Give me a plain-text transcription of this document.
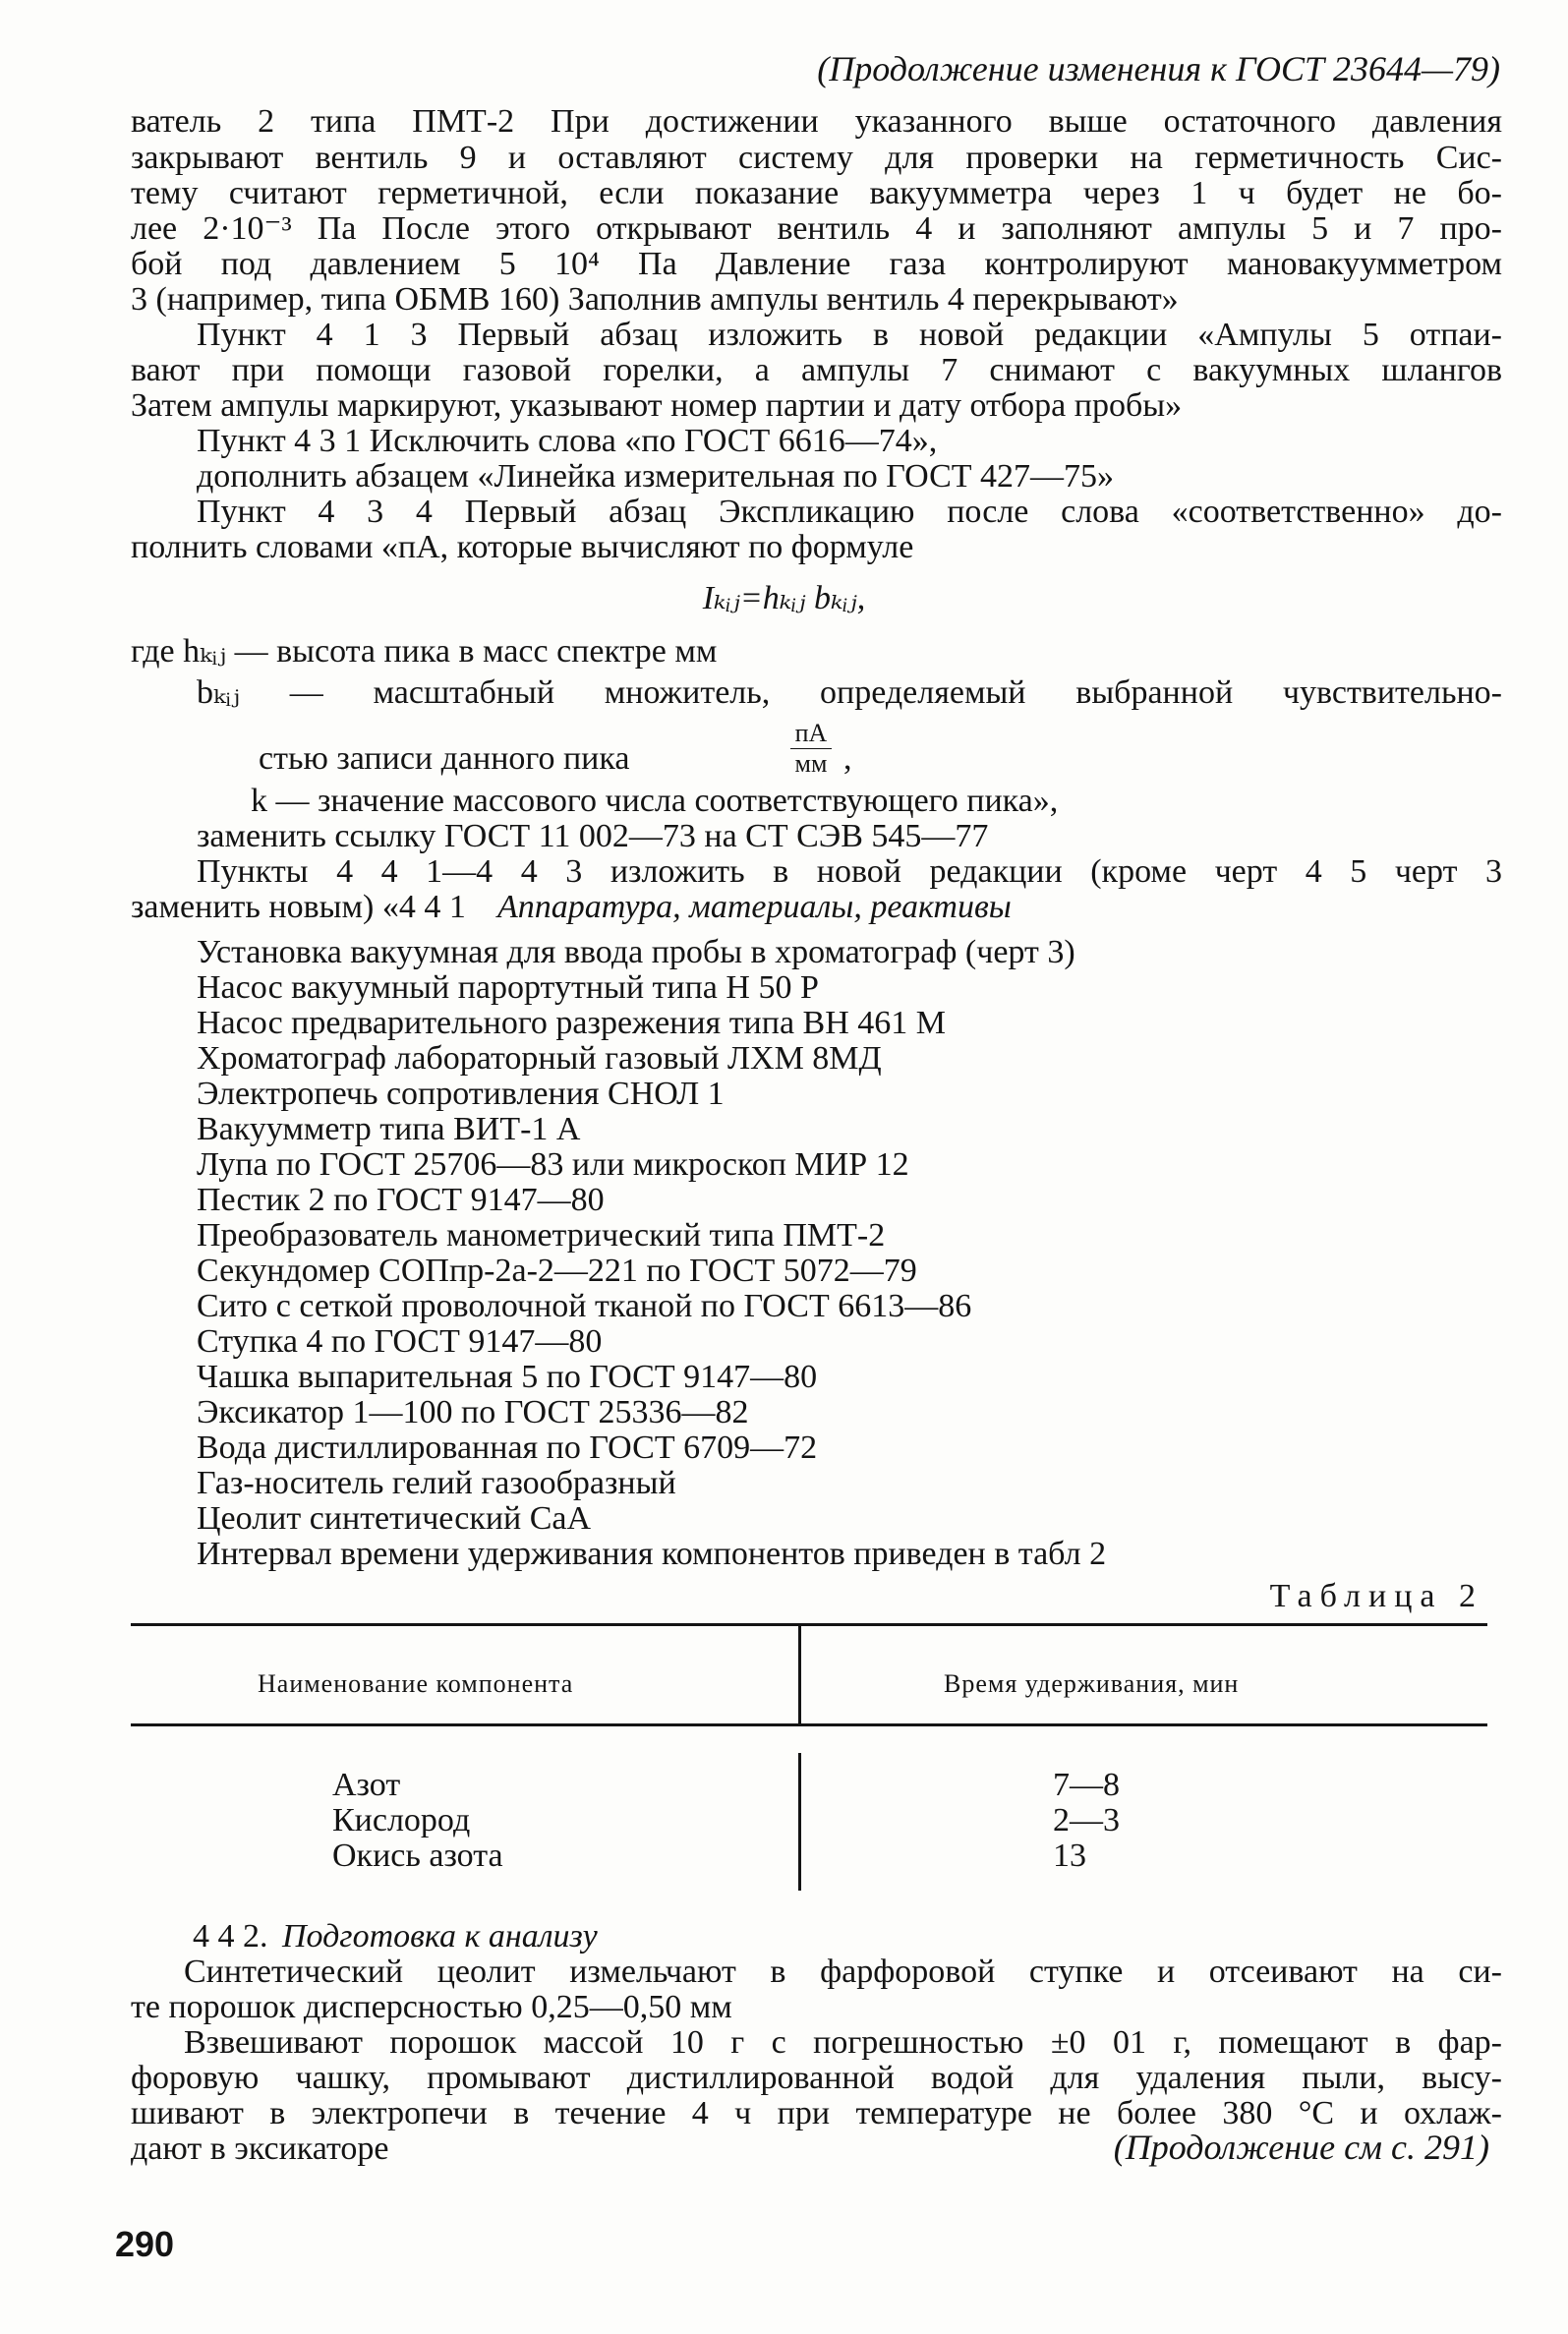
(Продолжение изменения к ГОСТ 23644—79)
ватель 2 типа ПМТ-2 При достижении указанного выше остаточного давления
закрывают вентиль 9 и оставляют систему для проверки на герметичность Сис-
тему считают герметичной, если показание вакуумметра через 1 ч будет не бо-
лее 2·10⁻³ Па После этого открывают вентиль 4 и заполняют ампулы 5 и 7 про-
бой под давлением 5 10⁴ Па Давление газа контролируют мановакуумметром
3 (например, типа ОБМВ 160) Заполнив ампулы вентиль 4 перекрывают»
Пункт 4 1 3 Первый абзац изложить в новой редакции «Ампулы 5 отпаи-
вают при помощи газовой горелки, а ампулы 7 снимают с вакуумных шлангов
Затем ампулы маркируют, указывают номер партии и дату отбора пробы»
Пункт 4 3 1 Исключить слова «по ГОСТ 6616—74»,
дополнить абзацем «Линейка измерительная по ГОСТ 427—75»
Пункт 4 3 4 Первый абзац Экспликацию после слова «соответственно» до-
полнить словами «пА, которые вычисляют по формуле
Iₖᵢⱼ=hₖᵢⱼ bₖᵢⱼ,
где hₖᵢⱼ — высота пика в масс спектре мм
bₖᵢⱼ — масштабный множитель, определяемый выбранной чувствительно-
стью записи данного пика
пА
мм ,
k — значение массового числа соответствующего пика»,
заменить ссылку ГОСТ 11 002—73 на СТ СЭВ 545—77
Пункты 4 4 1—4 4 3 изложить в новой редакции (кроме черт 4 5 черт 3
заменить новым) «4 4 1 Аппаратура, материалы, реактивы
Установка вакуумная для ввода пробы в хроматограф (черт 3)
Насос вакуумный парортутный типа Н 50 Р
Насос предварительного разрежения типа ВН 461 М
Хроматограф лабораторный газовый ЛХМ 8МД
Электропечь сопротивления СНОЛ 1
Вакуумметр типа ВИТ-1 А
Лупа по ГОСТ 25706—83 или микроскоп МИР 12
Пестик 2 по ГОСТ 9147—80
Преобразователь манометрический типа ПМТ-2
Секундомер СОПпр-2а-2—221 по ГОСТ 5072—79
Сито с сеткой проволочной тканой по ГОСТ 6613—86
Ступка 4 по ГОСТ 9147—80
Чашка выпарительная 5 по ГОСТ 9147—80
Эксикатор 1—100 по ГОСТ 25336—82
Вода дистиллированная по ГОСТ 6709—72
Газ-носитель гелий газообразный
Цеолит синтетический СаА
Интервал времени удерживания компонентов приведен в табл 2
Таблица 2
Наименование компонента	Время удерживания, мин
Азот	7—8
Кислород	2—3
Окись азота	13
4 4 2. Подготовка к анализу
Синтетический цеолит измельчают в фарфоровой ступке и отсеивают на си-
те порошок дисперсностью 0,25—0,50 мм
Взвешивают порошок массой 10 г с погрешностью ±0 01 г, помещают в фар-
форовую чашку, промывают дистиллированной водой для удаления пыли, высу-
шивают в электропечи в течение 4 ч при температуре не более 380 °С и охлаж-
дают в эксикаторе	(Продолжение см с. 291)
290
